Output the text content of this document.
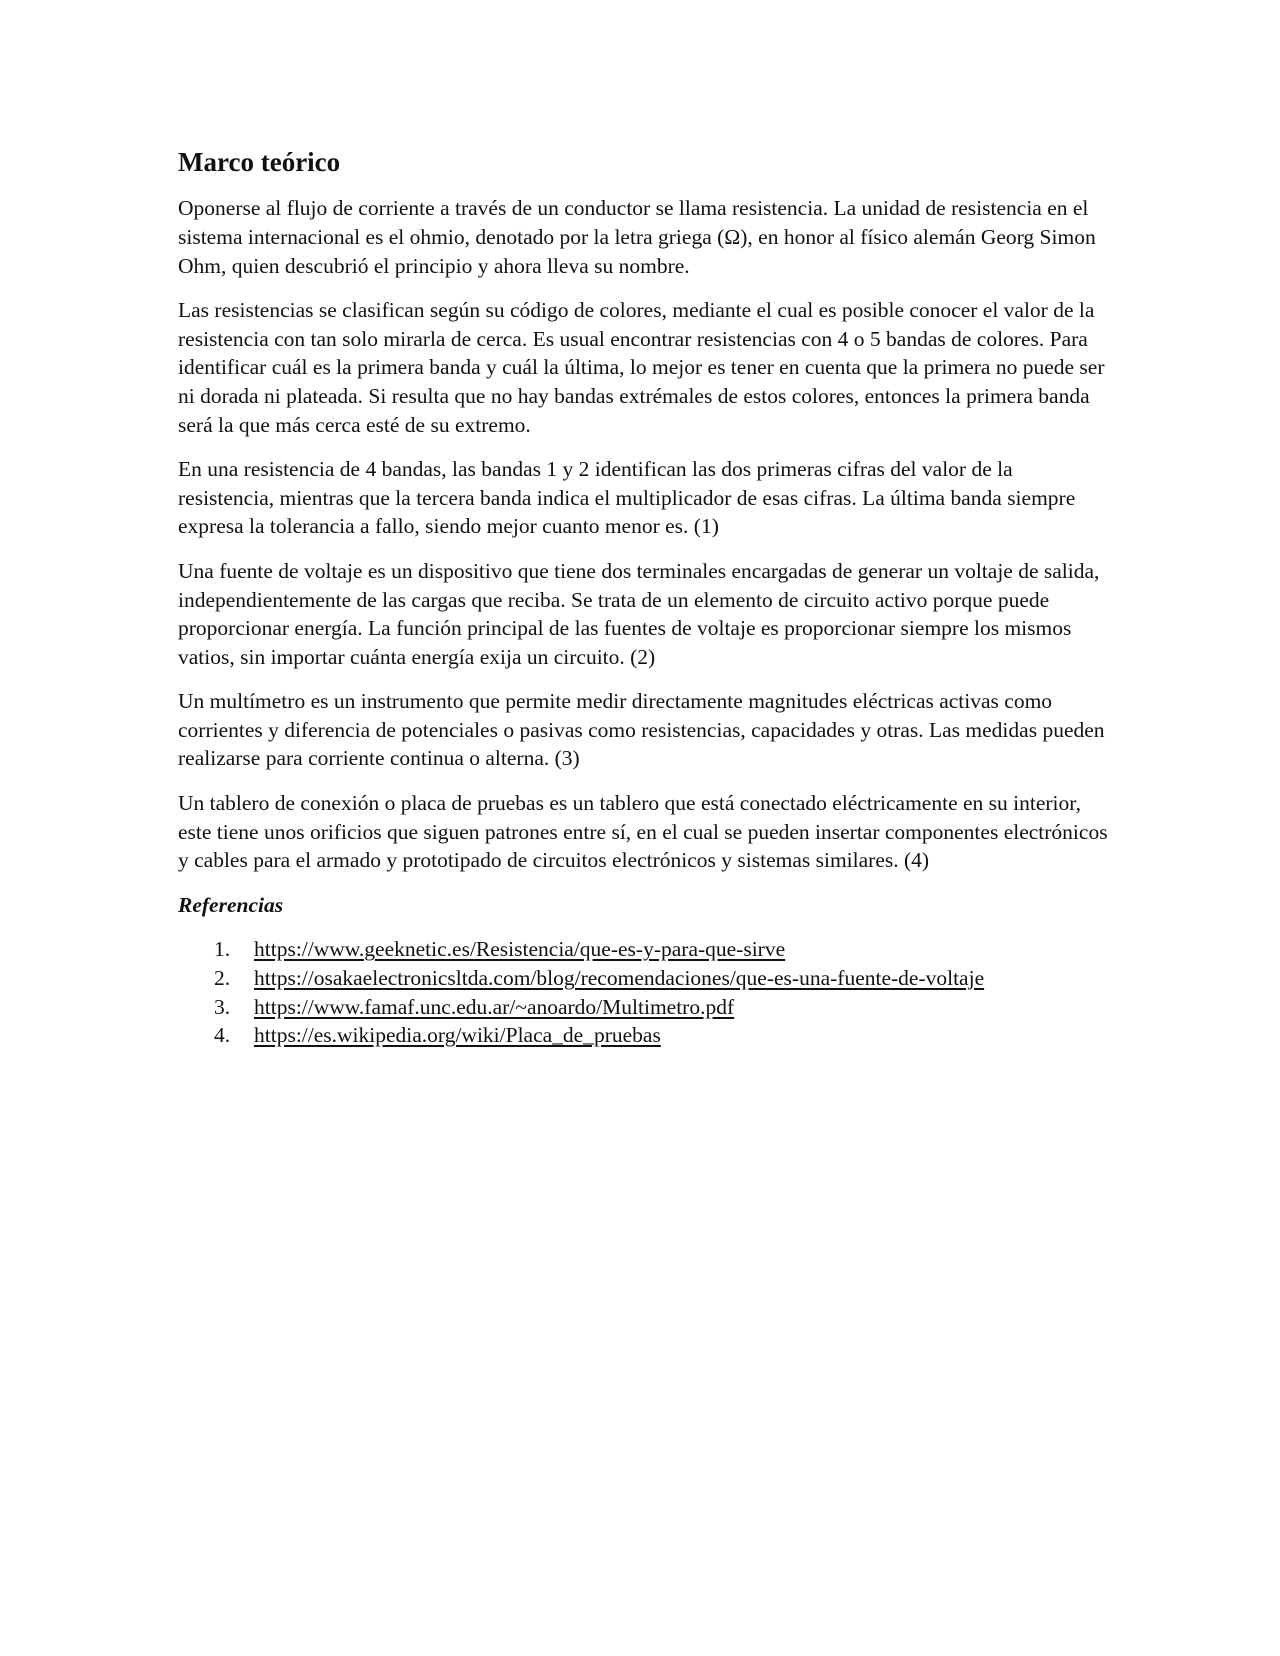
Marco teórico

Oponerse al flujo de corriente a través de un conductor se llama resistencia. La unidad de resistencia en el sistema internacional es el ohmio, denotado por la letra griega (Ω), en honor al físico alemán Georg Simon Ohm, quien descubrió el principio y ahora lleva su nombre.

Las resistencias se clasifican según su código de colores, mediante el cual es posible conocer el valor de la resistencia con tan solo mirarla de cerca. Es usual encontrar resistencias con 4 o 5 bandas de colores. Para identificar cuál es la primera banda y cuál la última, lo mejor es tener en cuenta que la primera no puede ser ni dorada ni plateada. Si resulta que no hay bandas extrémales de estos colores, entonces la primera banda será la que más cerca esté de su extremo.

En una resistencia de 4 bandas, las bandas 1 y 2 identifican las dos primeras cifras del valor de la resistencia, mientras que la tercera banda indica el multiplicador de esas cifras. La última banda siempre expresa la tolerancia a fallo, siendo mejor cuanto menor es. (1)

Una fuente de voltaje es un dispositivo que tiene dos terminales encargadas de generar un voltaje de salida, independientemente de las cargas que reciba. Se trata de un elemento de circuito activo porque puede proporcionar energía. La función principal de las fuentes de voltaje es proporcionar siempre los mismos vatios, sin importar cuánta energía exija un circuito. (2)

Un multímetro es un instrumento que permite medir directamente magnitudes eléctricas activas como corrientes y diferencia de potenciales o pasivas como resistencias, capacidades y otras. Las medidas pueden realizarse para corriente continua o alterna. (3)

Un tablero de conexión o placa de pruebas es un tablero que está conectado eléctricamente en su interior, este tiene unos orificios que siguen patrones entre sí, en el cual se pueden insertar componentes electrónicos y cables para el armado y prototipado de circuitos electrónicos y sistemas similares. (4)

Referencias

1.	https://www.geeknetic.es/Resistencia/que-es-y-para-que-sirve
2.	https://osakaelectronicsltda.com/blog/recomendaciones/que-es-una-fuente-de-voltaje
3.	https://www.famaf.unc.edu.ar/~anoardo/Multimetro.pdf
4.	https://es.wikipedia.org/wiki/Placa_de_pruebas
